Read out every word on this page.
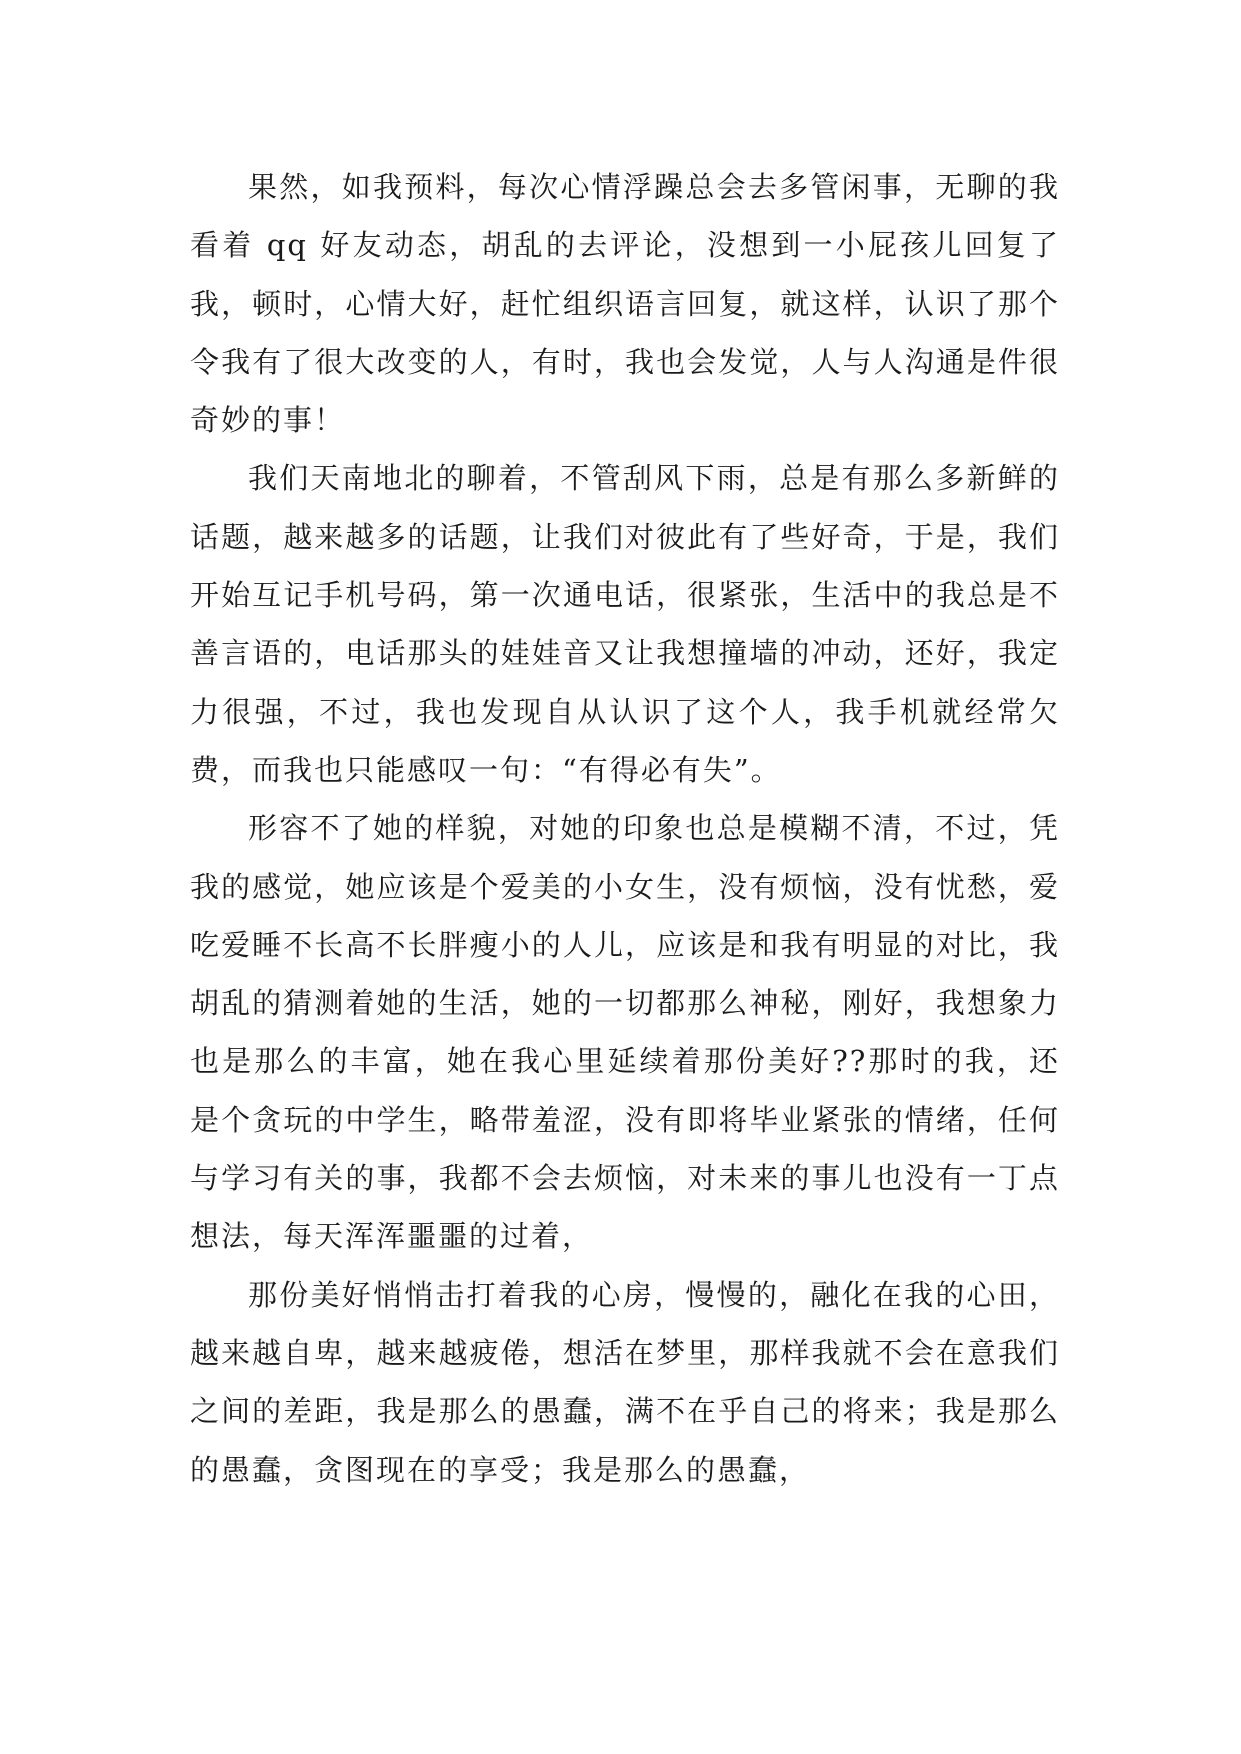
果然，如我预料，每次心情浮躁总会去多管闲事，无聊的我看着 qq 好友动态，胡乱的去评论，没想到一小屁孩儿回复了我，顿时，心情大好，赶忙组织语言回复，就这样，认识了那个令我有了很大改变的人，有时，我也会发觉，人与人沟通是件很奇妙的事！

我们天南地北的聊着，不管刮风下雨，总是有那么多新鲜的话题，越来越多的话题，让我们对彼此有了些好奇，于是，我们开始互记手机号码，第一次通电话，很紧张，生活中的我总是不善言语的，电话那头的娃娃音又让我想撞墙的冲动，还好，我定力很强，不过，我也发现自从认识了这个人，我手机就经常欠费，而我也只能感叹一句：“有得必有失”。

形容不了她的样貌，对她的印象也总是模糊不清，不过，凭我的感觉，她应该是个爱美的小女生，没有烦恼，没有忧愁，爱吃爱睡不长高不长胖瘦小的人儿，应该是和我有明显的对比，我胡乱的猜测着她的生活，她的一切都那么神秘，刚好，我想象力也是那么的丰富，她在我心里延续着那份美好??那时的我，还是个贪玩的中学生，略带羞涩，没有即将毕业紧张的情绪，任何与学习有关的事，我都不会去烦恼，对未来的事儿也没有一丁点想法，每天浑浑噩噩的过着，

那份美好悄悄击打着我的心房，慢慢的，融化在我的心田，越来越自卑，越来越疲倦，想活在梦里，那样我就不会在意我们之间的差距，我是那么的愚蠢，满不在乎自己的将来；我是那么的愚蠢，贪图现在的享受；我是那么的愚蠢，
